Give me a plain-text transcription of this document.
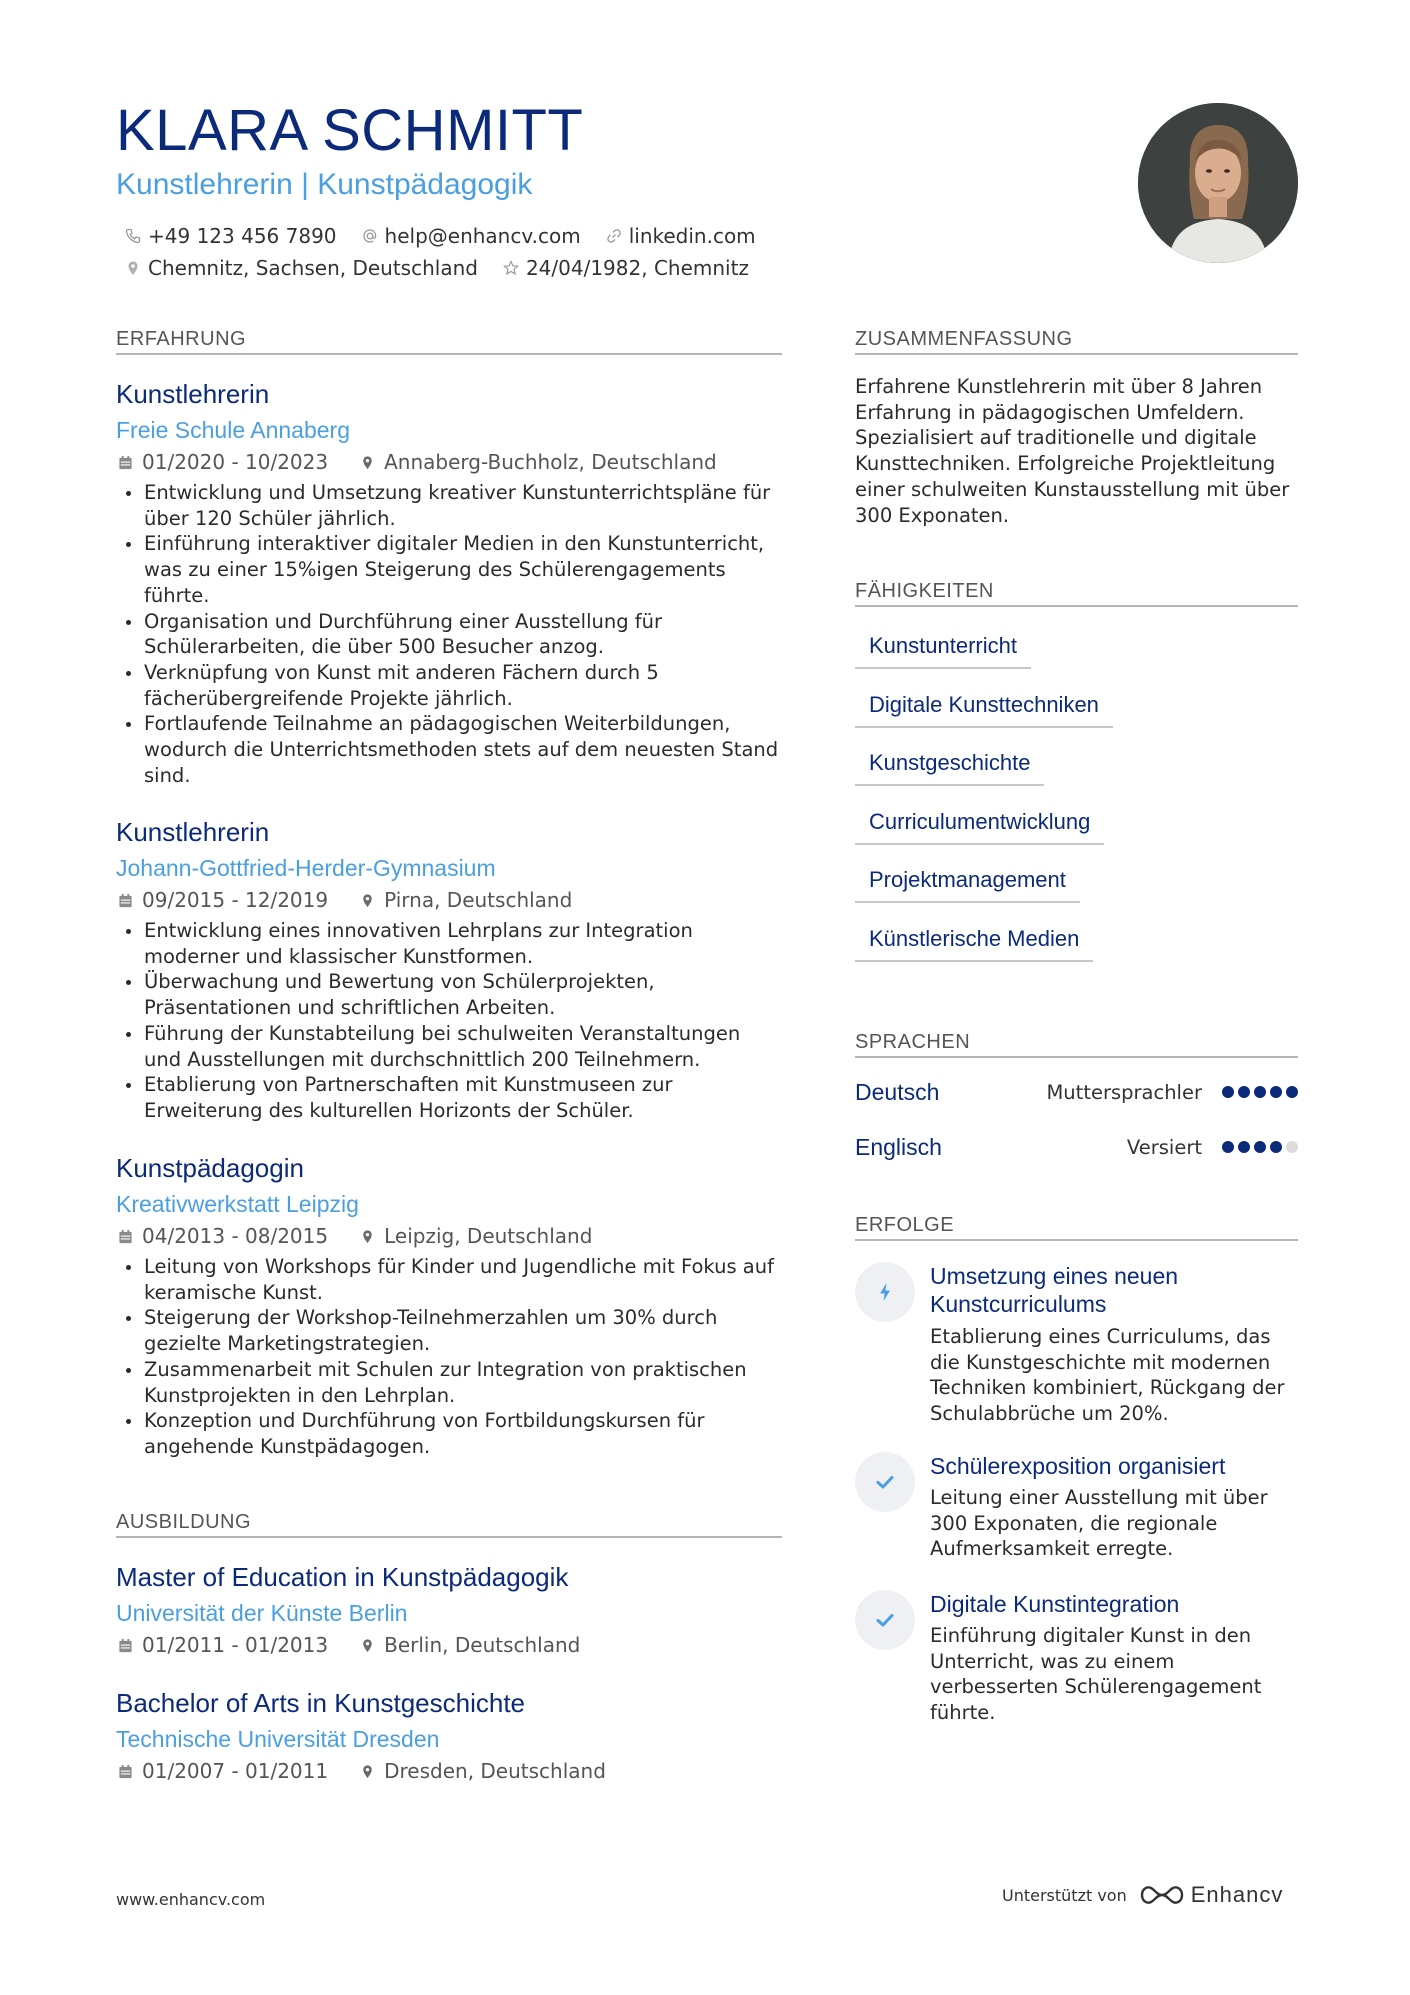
KLARA SCHMITT
Kunstlehrerin | Kunstpädagogik
+49 123 456 7890 help@enhancv.com linkedin.com
Chemnitz, Sachsen, Deutschland 24/04/1982, Chemnitz
ERFAHRUNG
Kunstlehrerin
Freie Schule Annaberg
01/2020 - 10/2023	Annaberg-Buchholz, Deutschland
Entwicklung und Umsetzung kreativer Kunstunterrichtspläne für über 120 Schüler jährlich.
Einführung interaktiver digitaler Medien in den Kunstunterricht, was zu einer 15%igen Steigerung des Schülerengagements führte.
Organisation und Durchführung einer Ausstellung für Schülerarbeiten, die über 500 Besucher anzog.
Verknüpfung von Kunst mit anderen Fächern durch 5 fächerübergreifende Projekte jährlich.
Fortlaufende Teilnahme an pädagogischen Weiterbildungen, wodurch die Unterrichtsmethoden stets auf dem neuesten Stand sind.
Kunstlehrerin
Johann-Gottfried-Herder-Gymnasium
09/2015 - 12/2019	Pirna, Deutschland
Entwicklung eines innovativen Lehrplans zur Integration moderner und klassischer Kunstformen.
Überwachung und Bewertung von Schülerprojekten, Präsentationen und schriftlichen Arbeiten.
Führung der Kunstabteilung bei schulweiten Veranstaltungen und Ausstellungen mit durchschnittlich 200 Teilnehmern.
Etablierung von Partnerschaften mit Kunstmuseen zur Erweiterung des kulturellen Horizonts der Schüler.
Kunstpädagogin
Kreativwerkstatt Leipzig
04/2013 - 08/2015	Leipzig, Deutschland
Leitung von Workshops für Kinder und Jugendliche mit Fokus auf keramische Kunst.
Steigerung der Workshop-Teilnehmerzahlen um 30% durch gezielte Marketingstrategien.
Zusammenarbeit mit Schulen zur Integration von praktischen Kunstprojekten in den Lehrplan.
Konzeption und Durchführung von Fortbildungskursen für angehende Kunstpädagogen.
AUSBILDUNG
Master of Education in Kunstpädagogik
Universität der Künste Berlin
01/2011 - 01/2013	Berlin, Deutschland
Bachelor of Arts in Kunstgeschichte
Technische Universität Dresden
01/2007 - 01/2011	Dresden, Deutschland
ZUSAMMENFASSUNG
Erfahrene Kunstlehrerin mit über 8 Jahren Erfahrung in pädagogischen Umfeldern. Spezialisiert auf traditionelle und digitale Kunsttechniken. Erfolgreiche Projektleitung einer schulweiten Kunstausstellung mit über 300 Exponaten.
FÄHIGKEITEN
Kunstunterricht
Digitale Kunsttechniken
Kunstgeschichte
Curriculumentwicklung
Projektmanagement
Künstlerische Medien
SPRACHEN
Deutsch	Muttersprachler
Englisch	Versiert
ERFOLGE
Umsetzung eines neuen Kunstcurriculums
Etablierung eines Curriculums, das die Kunstgeschichte mit modernen Techniken kombiniert, Rückgang der Schulabbrüche um 20%.
Schülerexposition organisiert
Leitung einer Ausstellung mit über 300 Exponaten, die regionale Aufmerksamkeit erregte.
Digitale Kunstintegration
Einführung digitaler Kunst in den Unterricht, was zu einem verbesserten Schülerengagement führte.
www.enhancv.com	Unterstützt von	Enhancv
